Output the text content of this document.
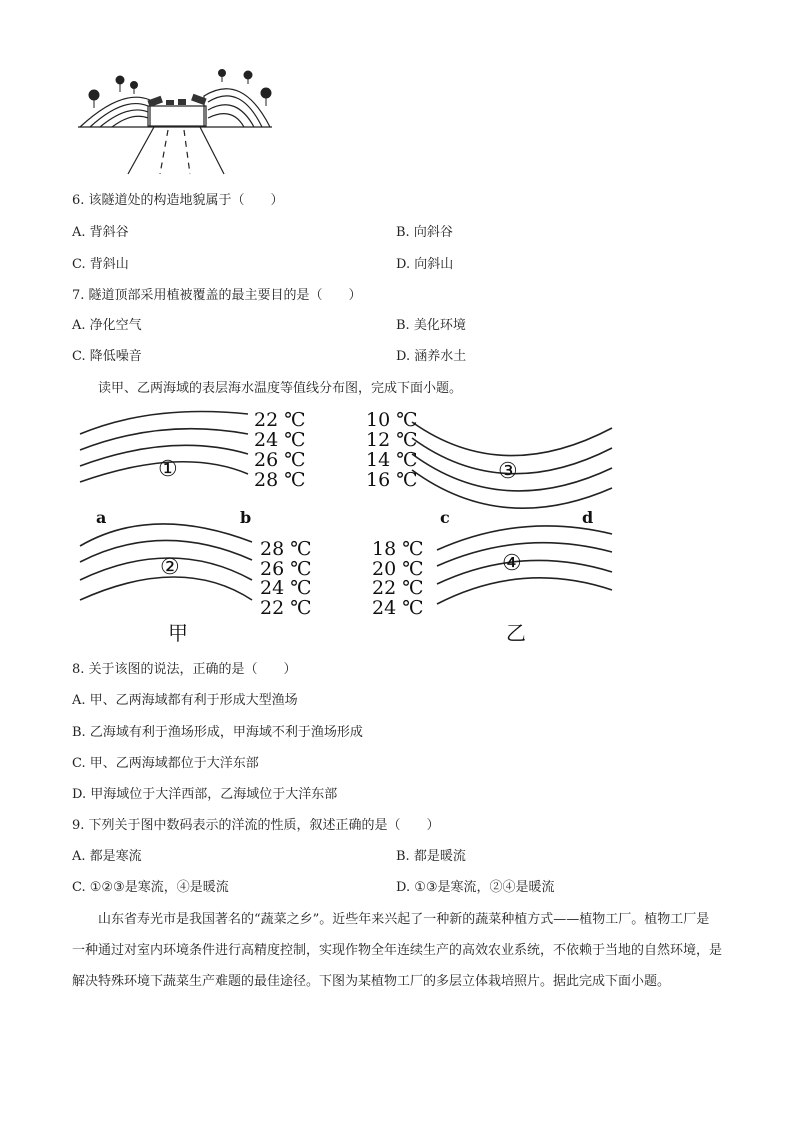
6. 该隧道处的构造地貌属于（　　）
A. 背斜谷	B. 向斜谷
C. 背斜山	D. 向斜山
7. 隧道顶部采用植被覆盖的最主要目的是（　　）
A. 净化空气	B. 美化环境
C. 降低噪音	D. 涵养水土
读甲、乙两海域的表层海水温度等值线分布图，完成下面小题。
22 ℃
24 ℃
26 ℃
28 ℃
28 ℃
26 ℃
24 ℃
22 ℃
10 ℃
12 ℃
14 ℃
16 ℃
18 ℃
20 ℃
22 ℃
24 ℃
①
②
③
④
a	b	c	d
甲	乙
8. 关于该图的说法，正确的是（　　）
A. 甲、乙两海域都有利于形成大型渔场
B. 乙海域有利于渔场形成，甲海域不利于渔场形成
C. 甲、乙两海域都位于大洋东部
D. 甲海域位于大洋西部，乙海域位于大洋东部
9. 下列关于图中数码表示的洋流的性质，叙述正确的是（　　）
A. 都是寒流	B. 都是暖流
C. ①②③是寒流，④是暖流	D. ①③是寒流，②④是暖流
山东省寿光市是我国著名的“蔬菜之乡”。近些年来兴起了一种新的蔬菜种植方式——植物工厂。植物工厂是一种通过对室内环境条件进行高精度控制，实现作物全年连续生产的高效农业系统，不依赖于当地的自然环境，是解决特殊环境下蔬菜生产难题的最佳途径。下图为某植物工厂的多层立体栽培照片。据此完成下面小题。
